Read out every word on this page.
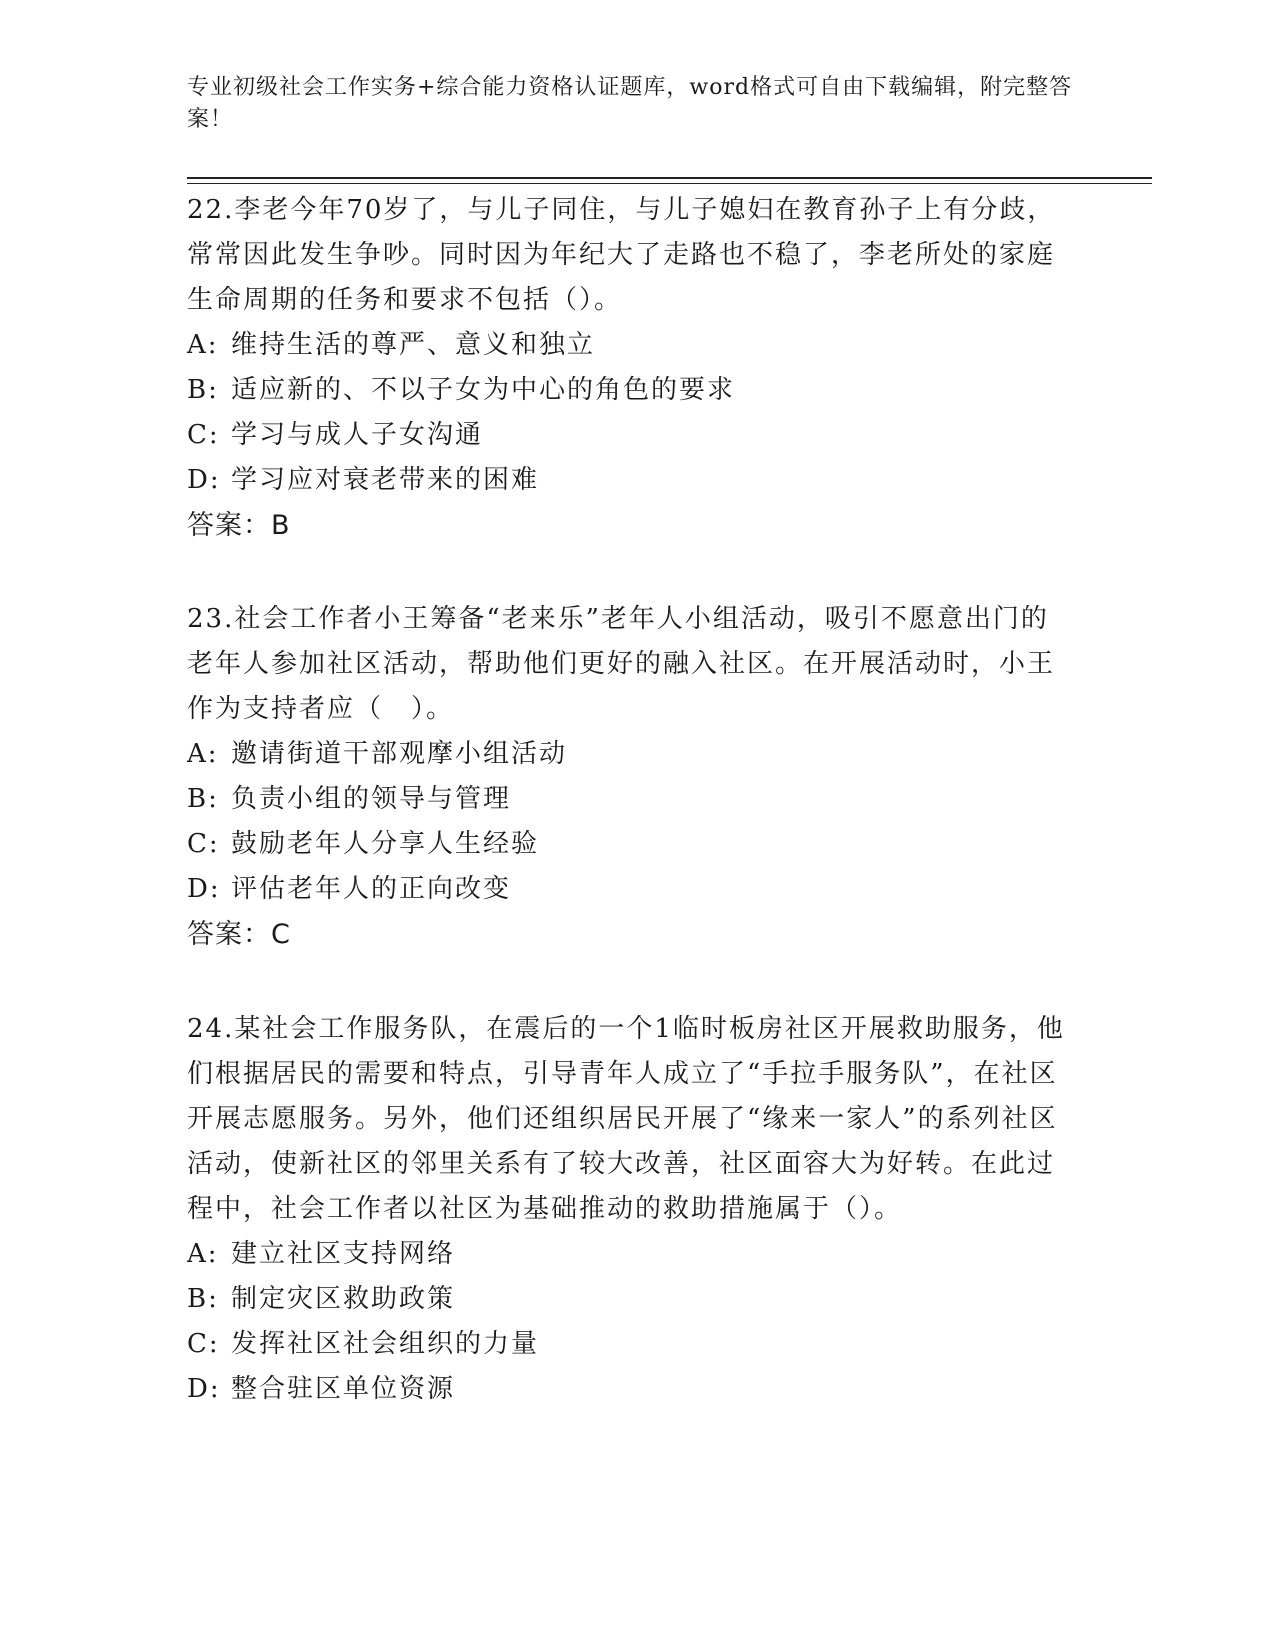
专业初级社会工作实务+综合能力资格认证题库，word格式可自由下载编辑，附完整答案！

22.李老今年70岁了，与儿子同住，与儿子媳妇在教育孙子上有分歧，常常因此发生争吵。同时因为年纪大了走路也不稳了，李老所处的家庭生命周期的任务和要求不包括（）。

A: 维持生活的尊严、意义和独立

B: 适应新的、不以子女为中心的角色的要求

C: 学习与成人子女沟通

D: 学习应对衰老带来的困难

答案：B

23.社会工作者小王筹备“老来乐”老年人小组活动，吸引不愿意出门的老年人参加社区活动，帮助他们更好的融入社区。在开展活动时，小王作为支持者应（　）。

A: 邀请街道干部观摩小组活动

B: 负责小组的领导与管理

C: 鼓励老年人分享人生经验

D: 评估老年人的正向改变

答案：C

24.某社会工作服务队，在震后的一个1临时板房社区开展救助服务，他们根据居民的需要和特点，引导青年人成立了“手拉手服务队”，在社区开展志愿服务。另外，他们还组织居民开展了“缘来一家人”的系列社区活动，使新社区的邻里关系有了较大改善，社区面容大为好转。在此过程中，社会工作者以社区为基础推动的救助措施属于（）。

A: 建立社区支持网络

B: 制定灾区救助政策

C: 发挥社区社会组织的力量

D: 整合驻区单位资源
